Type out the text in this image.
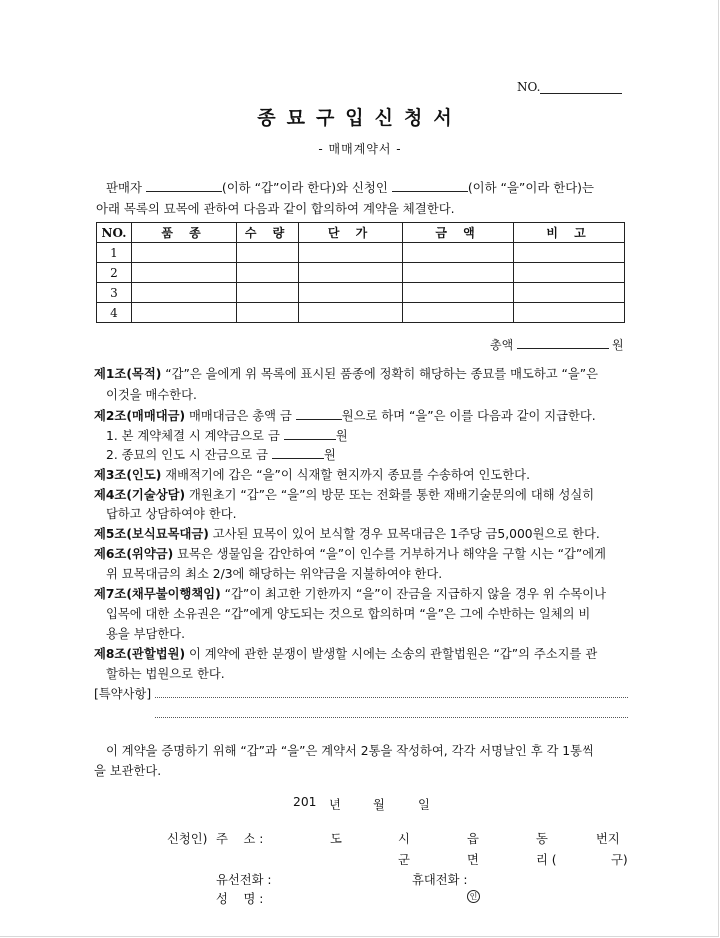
NO.
종묘구입신청서
- 매매계약서 -
판매자	(이하 “갑”이라 한다)와 신청인	(이하 “을”이라 한다)는
아래 목록의 묘목에 관하여 다음과 같이 합의하여 계약을 체결한다.
NO.	품 종	수 량	단 가	금 액	비 고
1					
2					
3					
4					
총액	원
제1조(목적) “갑”은 을에게 위 목록에 표시된 품종에 정확히 해당하는 종묘를 매도하고 “을”은
이것을 매수한다.
제2조(매매대금) 매매대금은 총액 금	원으로 하며 “을”은 이를 다음과 같이 지급한다.
1. 본 계약체결 시 계약금으로 금	원
2. 종묘의 인도 시 잔금으로 금	원
제3조(인도) 재배적기에 갑은 “을”이 식재할 현지까지 종묘를 수송하여 인도한다.
제4조(기술상담) 개원초기 “갑”은 “을”의 방문 또는 전화를 통한 재배기술문의에 대해 성실히
답하고 상담하여야 한다.
제5조(보식묘목대금) 고사된 묘목이 있어 보식할 경우 묘목대금은 1주당 금5,000원으로 한다.
제6조(위약금) 묘목은 생물임을 감안하여 “을”이 인수를 거부하거나 해약을 구할 시는 “갑”에게
위 묘목대금의 최소 2/3에 해당하는 위약금을 지불하여야 한다.
제7조(채무불이행책임) “갑”이 최고한 기한까지 “을”이 잔금을 지급하지 않을 경우 위 수목이나
입목에 대한 소유권은 “갑”에게 양도되는 것으로 합의하며 “을”은 그에 수반하는 일체의 비
용을 부담한다.
제8조(관할법원) 이 계약에 관한 분쟁이 발생할 시에는 소송의 관할법원은 “갑”의 주소지를 관
할하는 법원으로 한다.
[특약사항]
이 계약을 증명하기 위해 “갑”과 “을”은 계약서 2통을 작성하여, 각각 서명날인 후 각 1통씩
을 보관한다.
201 년	월	일
신청인) 주    소 :	도	시	읍	동	번지
군	면	리 (	구)
유선전화 :	휴대전화 :
성    명 :	인
